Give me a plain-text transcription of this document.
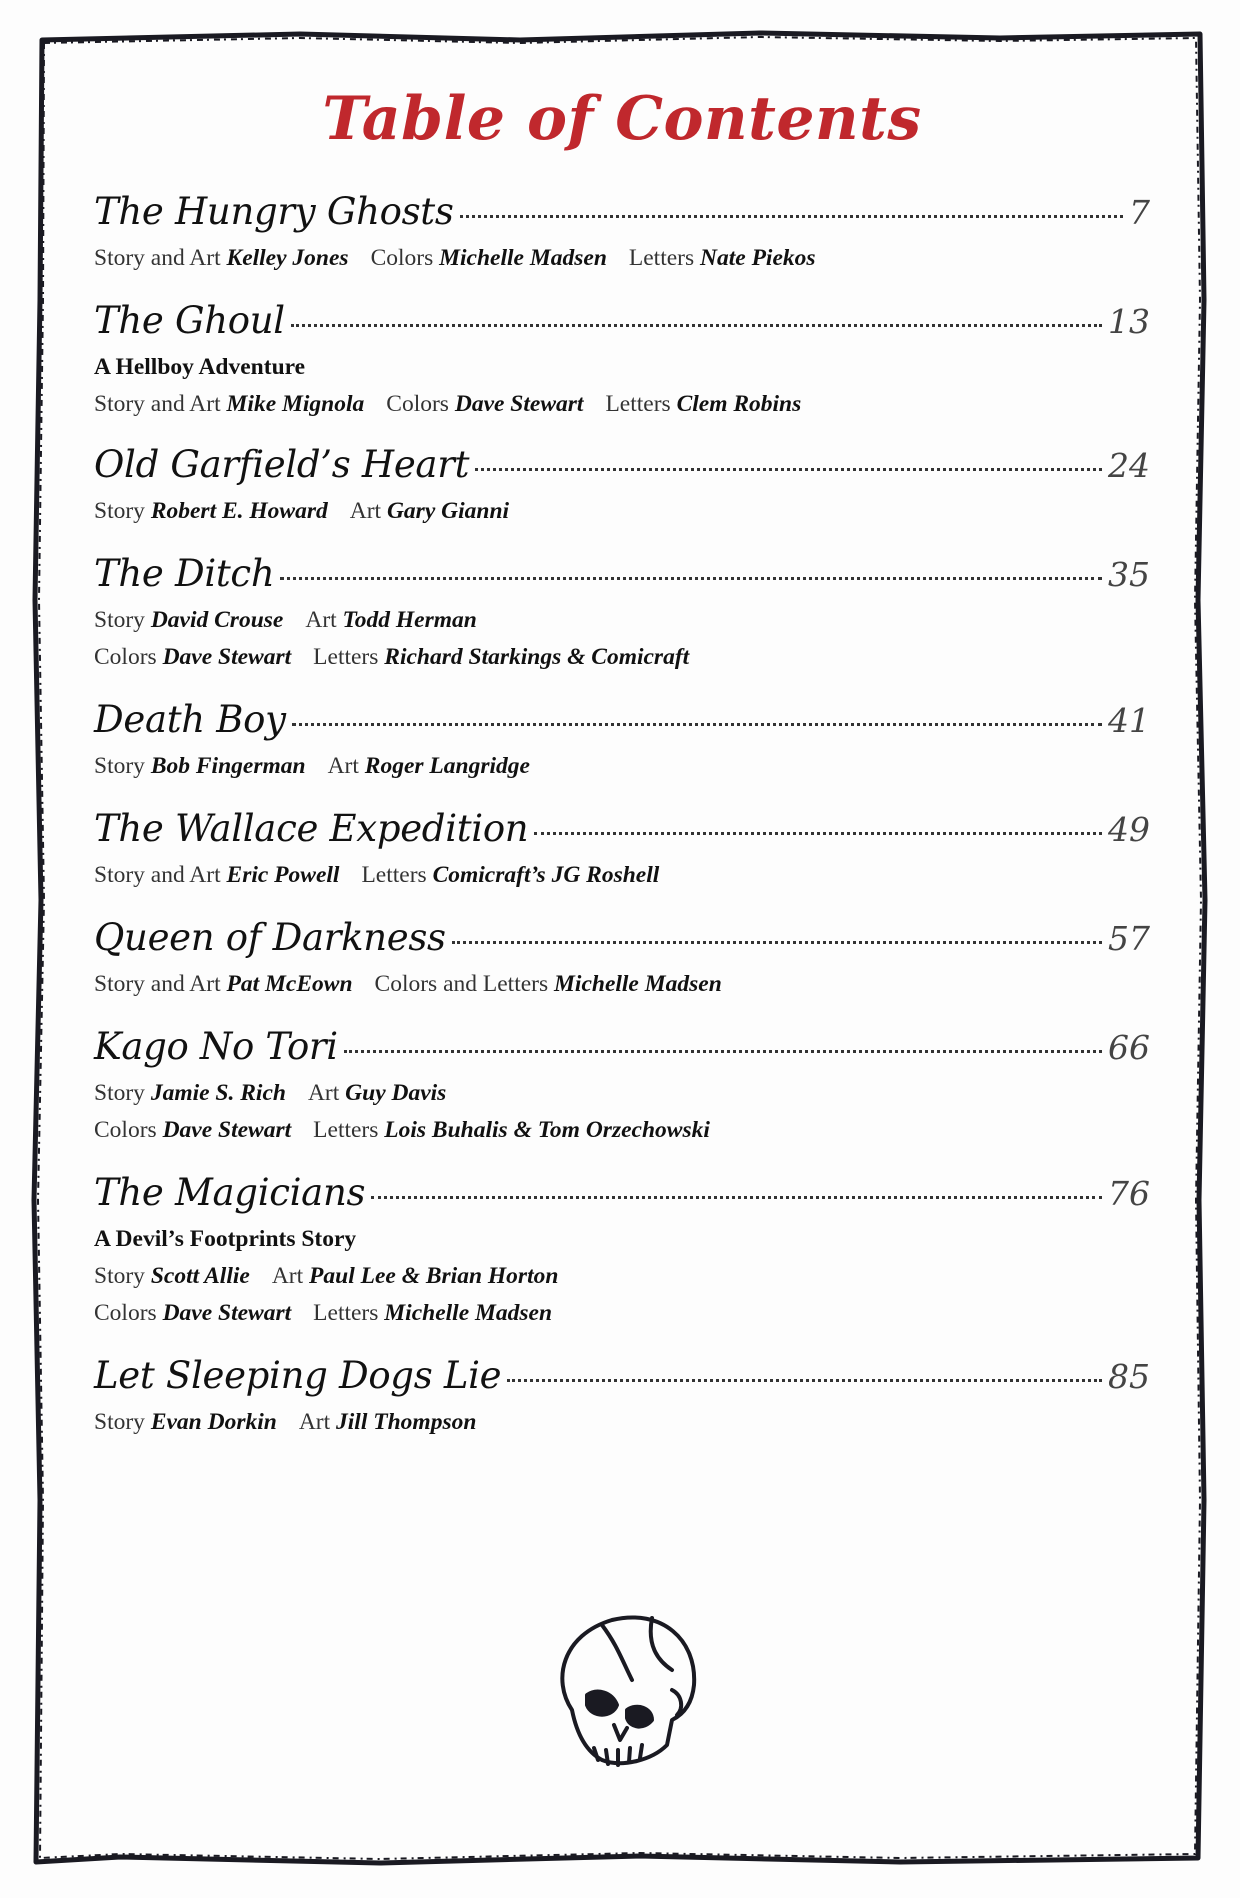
Table of Contents
The Hungry Ghosts	7
Story and Art Kelley Jones Colors Michelle Madsen Letters Nate Piekos
The Ghoul	13
A Hellboy Adventure
Story and Art Mike Mignola Colors Dave Stewart Letters Clem Robins
Old Garfield’s Heart	24
Story Robert E. Howard Art Gary Gianni
The Ditch	35
Story David Crouse Art Todd Herman
Colors Dave Stewart Letters Richard Starkings & Comicraft
Death Boy	41
Story Bob Fingerman Art Roger Langridge
The Wallace Expedition	49
Story and Art Eric Powell Letters Comicraft’s JG Roshell
Queen of Darkness	57
Story and Art Pat McEown Colors and Letters Michelle Madsen
Kago No Tori	66
Story Jamie S. Rich Art Guy Davis
Colors Dave Stewart Letters Lois Buhalis & Tom Orzechowski
The Magicians	76
A Devil’s Footprints Story
Story Scott Allie Art Paul Lee & Brian Horton
Colors Dave Stewart Letters Michelle Madsen
Let Sleeping Dogs Lie	85
Story Evan Dorkin Art Jill Thompson
